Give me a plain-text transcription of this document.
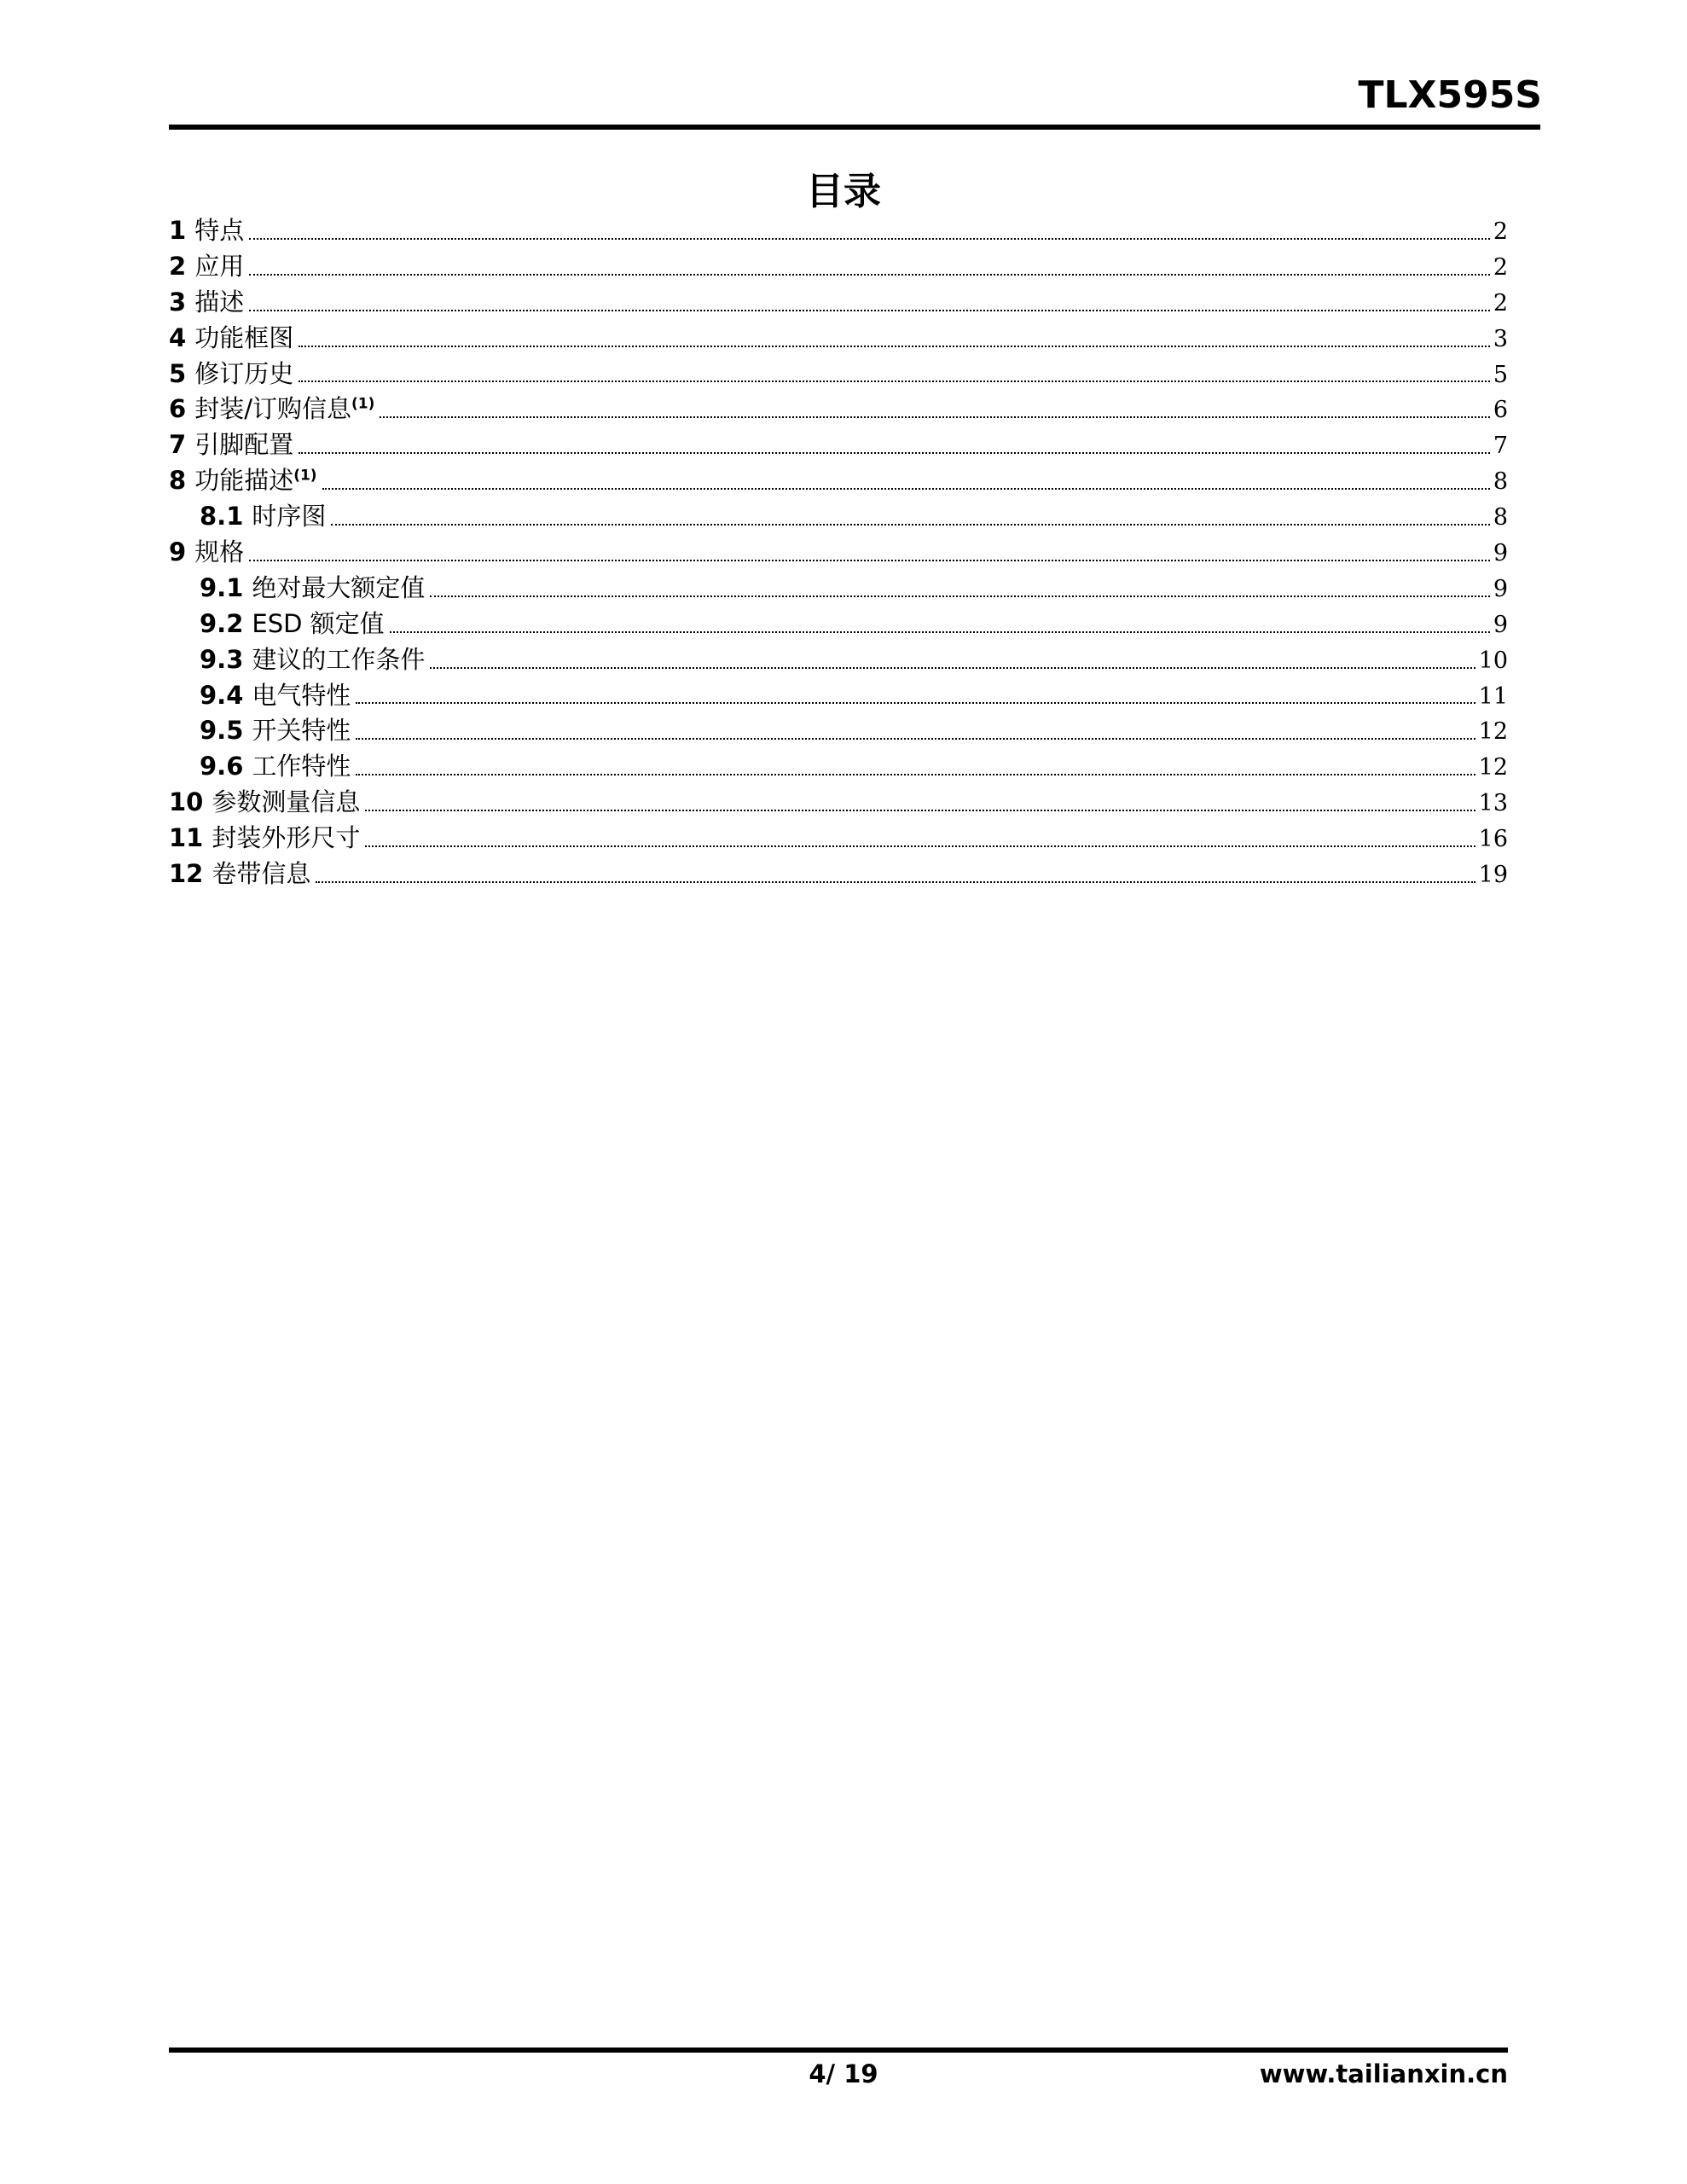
TLX595S
目录
1 特点	2
2 应用	2
3 描述	2
4 功能框图	3
5 修订历史	5
6 封装/订购信息$^{(1)}$	6
7 引脚配置	7
8 功能描述$^{(1)}$	8
8.1 时序图	8
9 规格	9
9.1 绝对最大额定值	9
9.2 ESD 额定值	9
9.3 建议的工作条件	10
9.4 电气特性	11
9.5 开关特性	12
9.6 工作特性	12
10 参数测量信息	13
11 封装外形尺寸	16
12 卷带信息	19
4/ 19	www.tailianxin.cn
